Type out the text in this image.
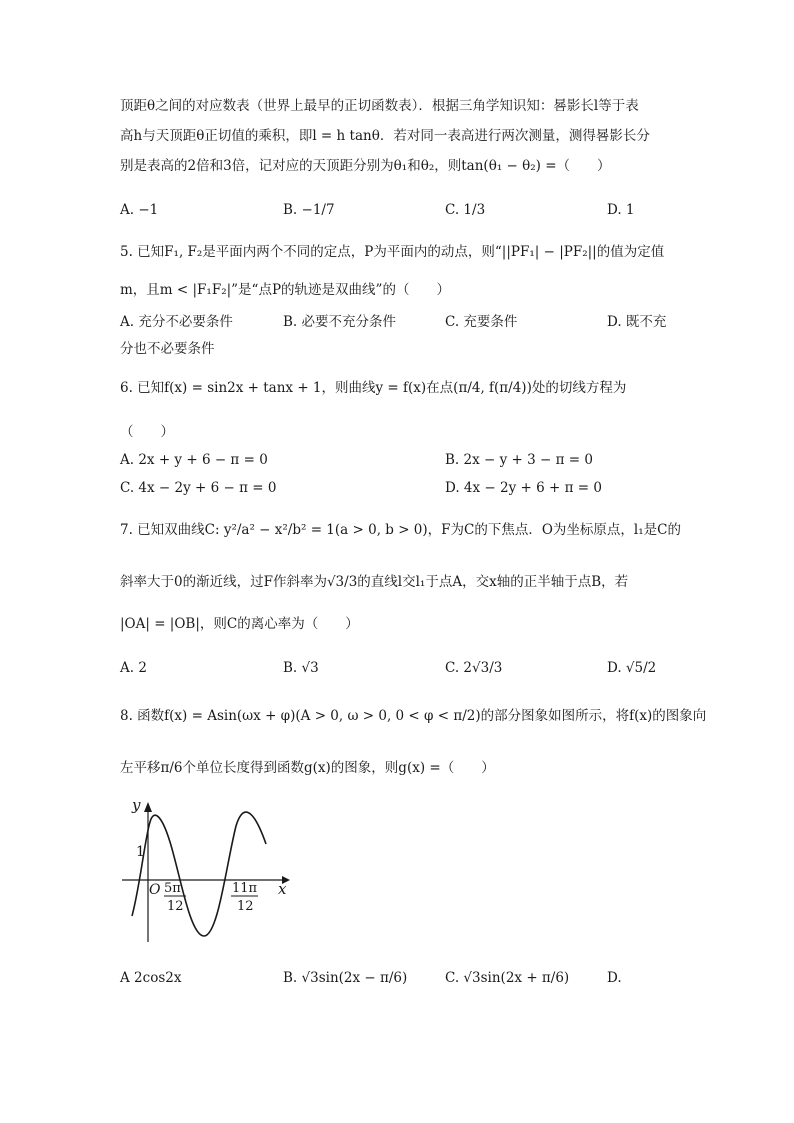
顶距θ之间的对应数表（世界上最早的正切函数表）．根据三角学知识知：晷影长l等于表
高h与天顶距θ正切值的乘积，即l = h tanθ．若对同一表高进行两次测量，测得晷影长分
别是表高的2倍和3倍，记对应的天顶距分别为θ₁和θ₂，则tan(θ₁ − θ₂) =（　　）
A. −1	B. −1/7	C. 1/3	D. 1
5. 已知F₁, F₂是平面内两个不同的定点，P为平面内的动点，则“||PF₁| − |PF₂||的值为定值
m，且m < |F₁F₂|”是“点P的轨迹是双曲线”的（　　）
A. 充分不必要条件	B. 必要不充分条件	C. 充要条件	D. 既不充
分也不必要条件
6. 已知f(x) = sin2x + tanx + 1，则曲线y = f(x)在点(π/4, f(π/4))处的切线方程为
（　　）
A. 2x + y + 6 − π = 0	B. 2x − y + 3 − π = 0
C. 4x − 2y + 6 − π = 0	D. 4x − 2y + 6 + π = 0
7. 已知双曲线C: y²/a² − x²/b² = 1(a > 0, b > 0)，F为C的下焦点．O为坐标原点，l₁是C的
斜率大于0的渐近线，过F作斜率为√3/3的直线l交l₁于点A，交x轴的正半轴于点B，若
|OA| = |OB|，则C的离心率为（　　）
A. 2	B. √3	C. 2√3/3	D. √5/2
8. 函数f(x) = Asin(ωx + φ)(A > 0, ω > 0, 0 < φ < π/2)的部分图象如图所示，将f(x)的图象向
左平移π/6个单位长度得到函数g(x)的图象，则g(x) =（　　）
y
x
O
1
5π
12
11π
12
A 2cos2x	B. √3sin(2x − π/6)	C. √3sin(2x + π/6)	D.
